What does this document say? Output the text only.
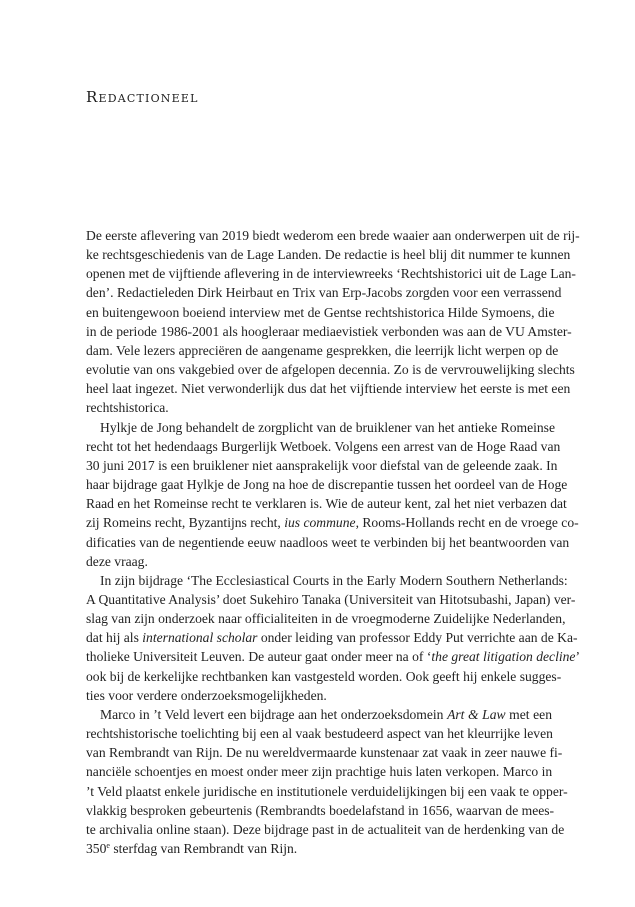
Redactioneel

De eerste aflevering van 2019 biedt wederom een brede waaier aan onderwerpen uit de rij-
ke rechtsgeschiedenis van de Lage Landen. De redactie is heel blij dit nummer te kunnen
openen met de vijftiende aflevering in de interviewreeks ‘Rechtshistorici uit de Lage Lan-
den’. Redactieleden Dirk Heirbaut en Trix van Erp-Jacobs zorgden voor een verrassend
en buitengewoon boeiend interview met de Gentse rechtshistorica Hilde Symoens, die
in de periode 1986-2001 als hoogleraar mediaevistiek verbonden was aan de VU Amster-
dam. Vele lezers appreciëren de aangename gesprekken, die leerrijk licht werpen op de
evolutie van ons vakgebied over de afgelopen decennia. Zo is de vervrouwelijking slechts
heel laat ingezet. Niet verwonderlijk dus dat het vijftiende interview het eerste is met een
rechtshistorica.

Hylkje de Jong behandelt de zorgplicht van de bruiklener van het antieke Romeinse
recht tot het hedendaags Burgerlijk Wetboek. Volgens een arrest van de Hoge Raad van
30 juni 2017 is een bruiklener niet aansprakelijk voor diefstal van de geleende zaak. In
haar bijdrage gaat Hylkje de Jong na hoe de discrepantie tussen het oordeel van de Hoge
Raad en het Romeinse recht te verklaren is. Wie de auteur kent, zal het niet verbazen dat
zij Romeins recht, Byzantijns recht, ius commune, Rooms-Hollands recht en de vroege co-
dificaties van de negentiende eeuw naadloos weet te verbinden bij het beantwoorden van
deze vraag.

In zijn bijdrage ‘The Ecclesiastical Courts in the Early Modern Southern Netherlands:
A Quantitative Analysis’ doet Sukehiro Tanaka (Universiteit van Hitotsubashi, Japan) ver-
slag van zijn onderzoek naar officialiteiten in de vroegmoderne Zuidelijke Nederlanden,
dat hij als international scholar onder leiding van professor Eddy Put verrichte aan de Ka-
tholieke Universiteit Leuven. De auteur gaat onder meer na of ‘the great litigation decline’
ook bij de kerkelijke rechtbanken kan vastgesteld worden. Ook geeft hij enkele sugges-
ties voor verdere onderzoeksmogelijkheden.

Marco in ’t Veld levert een bijdrage aan het onderzoeksdomein Art & Law met een
rechtshistorische toelichting bij een al vaak bestudeerd aspect van het kleurrijke leven
van Rembrandt van Rijn. De nu wereldvermaarde kunstenaar zat vaak in zeer nauwe fi-
nanciële schoentjes en moest onder meer zijn prachtige huis laten verkopen. Marco in
’t Veld plaatst enkele juridische en institutionele verduidelijkingen bij een vaak te opper-
vlakkig besproken gebeurtenis (Rembrandts boedelafstand in 1656, waarvan de mees-
te archivalia online staan). Deze bijdrage past in de actualiteit van de herdenking van de
350e sterfdag van Rembrandt van Rijn.
